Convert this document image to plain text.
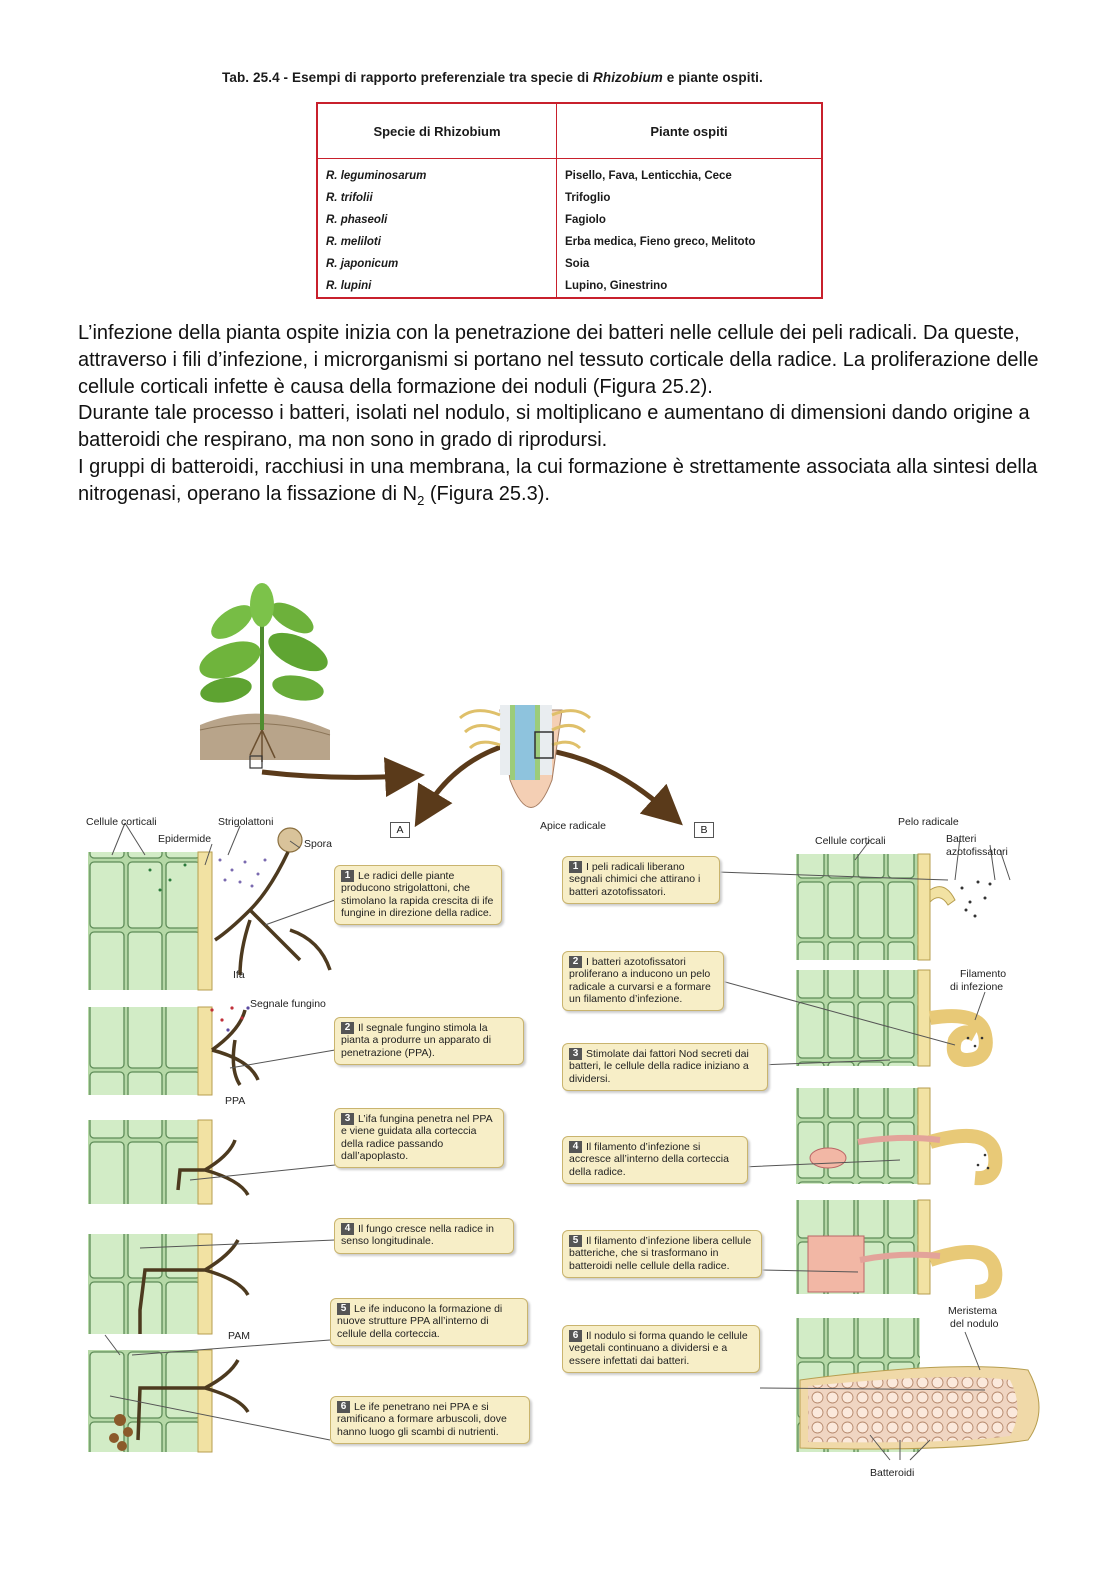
Tab. 25.4 - Esempi di rapporto preferenziale tra specie di Rhizobium e piante ospiti.
Specie di Rhizobium	Piante ospiti
R. leguminosarum	Pisello, Fava, Lenticchia, Cece
R. trifolii	Trifoglio
R. phaseoli	Fagiolo
R. meliloti	Erba medica, Fieno greco, Melitoto
R. japonicum	Soia
R. lupini	Lupino, Ginestrino

L’infezione della pianta ospite inizia con la penetrazione dei batteri nelle cellule dei peli radicali. Da queste, attraverso i fili d’infezione, i microrganismi si portano nel tessuto corticale della radice. La proliferazione delle cellule corticali infette è causa della formazione dei noduli (Figura 25.2).

Durante tale processo i batteri, isolati nel nodulo, si moltiplicano e aumentano di dimensioni dando origine a batteroidi che respirano, ma non sono in grado di riprodursi.

I gruppi di batteroidi, racchiusi in una membrana, la cui formazione è strettamente associata alla sintesi della nitrogenasi, operano la fissazione di $N_2$ (Figura 25.3).

Cellule corticali	Strigolattoni
Epidermide	Spora
Ifa
Segnale fungino
PPA
PAM
Apice radicale
A	B
Pelo radicale
Cellule corticali	Batteri
azotofissatori
Filamento
di infezione
Meristema
del nodulo
Batteroidi
1 Le radici delle piante producono strigolattoni, che stimolano la rapida crescita di ife fungine in direzione della radice.
2 Il segnale fungino stimola la pianta a produrre un apparato di penetrazione (PPA).
3 L’ifa fungina penetra nel PPA e viene guidata alla corteccia della radice passando dall’apoplasto.
4 Il fungo cresce nella radice in senso longitudinale.
5 Le ife inducono la formazione di nuove strutture PPA all’interno di cellule della corteccia.
6 Le ife penetrano nei PPA e si ramificano a formare arbuscoli, dove hanno luogo gli scambi di nutrienti.
1 I peli radicali liberano segnali chimici che attirano i batteri azotofissatori.
2 I batteri azotofissatori proliferano a inducono un pelo radicale a curvarsi e a formare un filamento d’infezione.
3 Stimolate dai fattori Nod secreti dai batteri, le cellule della radice iniziano a dividersi.
4 Il filamento d’infezione si accresce all’interno della corteccia della radice.
5 Il filamento d’infezione libera cellule batteriche, che si trasformano in batteroidi nelle cellule della radice.
6 Il nodulo si forma quando le cellule vegetali continuano a dividersi e a essere infettati dai batteri.
